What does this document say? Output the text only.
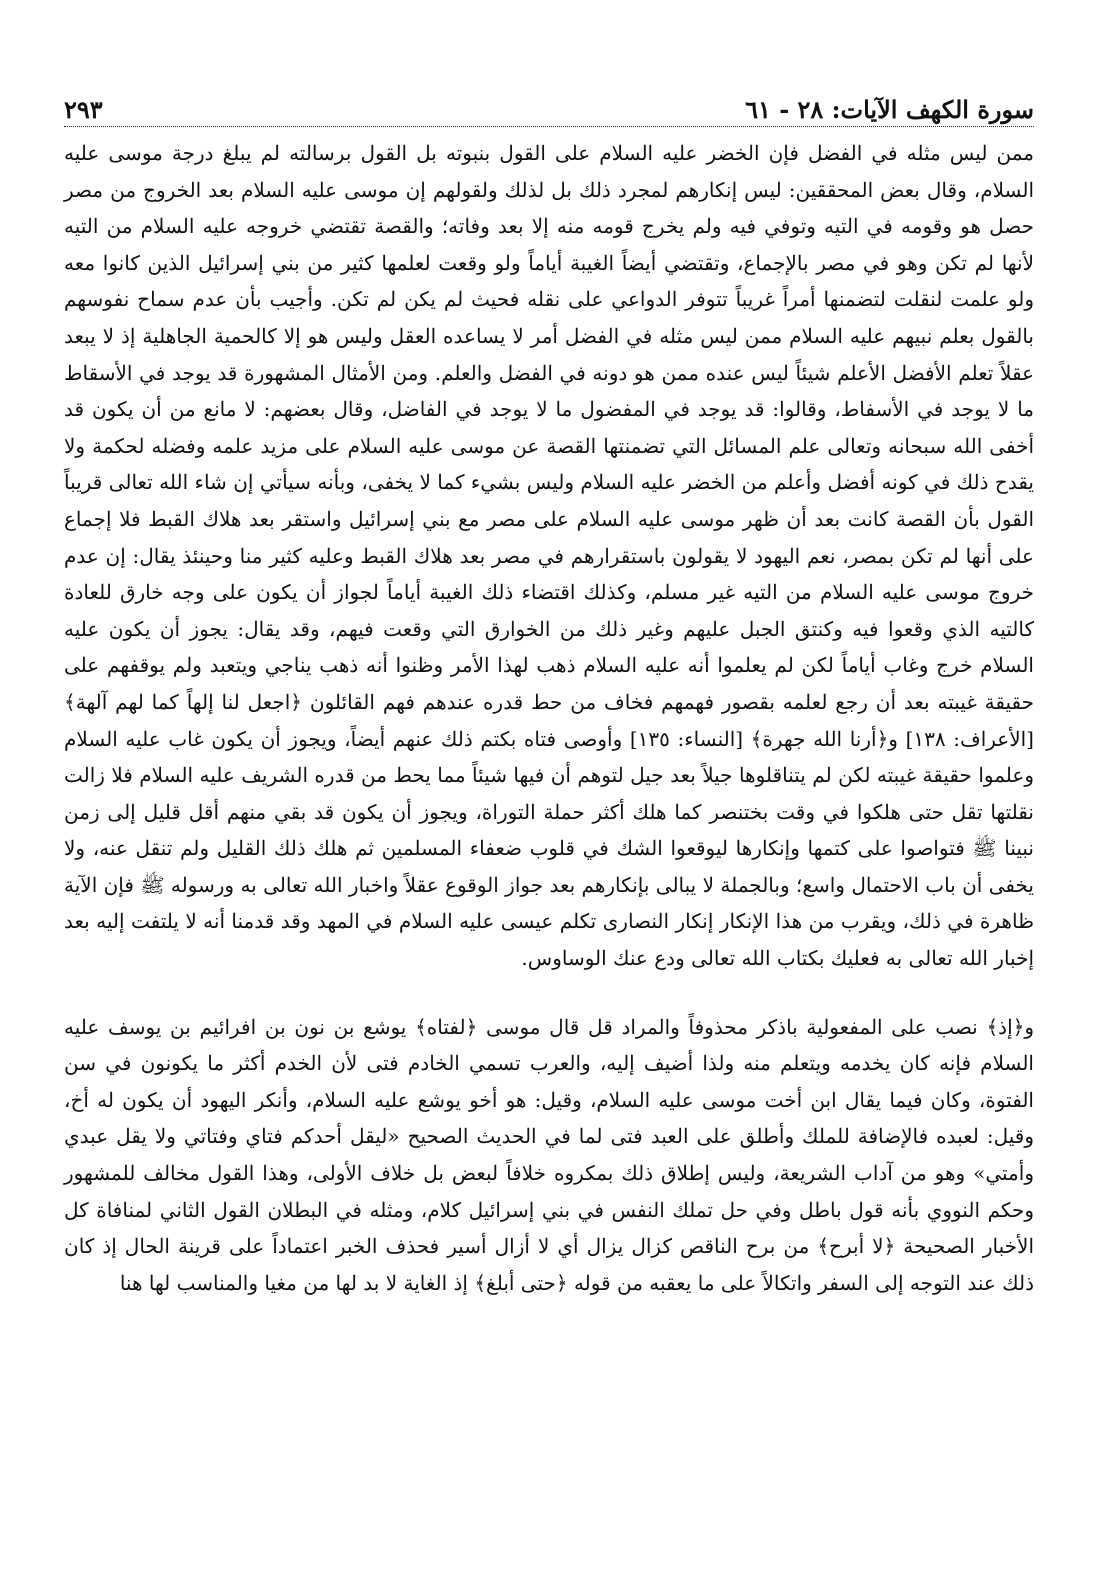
سورة الكهف الآيات: ٢٨ - ٦١
٢٩٣

ممن ليس مثله في الفضل فإن الخضر عليه السلام على القول بنبوته بل القول برسالته لم يبلغ درجة موسى عليه السلام، وقال بعض المحققين: ليس إنكارهم لمجرد ذلك بل لذلك ولقولهم إن موسى عليه السلام بعد الخروج من مصر حصل هو وقومه في التيه وتوفي فيه ولم يخرج قومه منه إلا بعد وفاته؛ والقصة تقتضي خروجه عليه السلام من التيه لأنها لم تكن وهو في مصر بالإجماع، وتقتضي أيضاً الغيبة أياماً ولو وقعت لعلمها كثير من بني إسرائيل الذين كانوا معه ولو علمت لنقلت لتضمنها أمراً غريباً تتوفر الدواعي على نقله فحيث لم يكن لم تكن. وأجيب بأن عدم سماح نفوسهم بالقول بعلم نبيهم عليه السلام ممن ليس مثله في الفضل أمر لا يساعده العقل وليس هو إلا كالحمية الجاهلية إذ لا يبعد عقلاً تعلم الأفضل الأعلم شيئاً ليس عنده ممن هو دونه في الفضل والعلم. ومن الأمثال المشهورة قد يوجد في الأسقاط ما لا يوجد في الأسفاط، وقالوا: قد يوجد في المفضول ما لا يوجد في الفاضل، وقال بعضهم: لا مانع من أن يكون قد أخفى الله سبحانه وتعالى علم المسائل التي تضمنتها القصة عن موسى عليه السلام على مزيد علمه وفضله لحكمة ولا يقدح ذلك في كونه أفضل وأعلم من الخضر عليه السلام وليس بشيء كما لا يخفى، وبأنه سيأتي إن شاء الله تعالى قريباً القول بأن القصة كانت بعد أن ظهر موسى عليه السلام على مصر مع بني إسرائيل واستقر بعد هلاك القبط فلا إجماع على أنها لم تكن بمصر، نعم اليهود لا يقولون باستقرارهم في مصر بعد هلاك القبط وعليه كثير منا وحينئذ يقال: إن عدم خروج موسى عليه السلام من التيه غير مسلم، وكذلك اقتضاء ذلك الغيبة أياماً لجواز أن يكون على وجه خارق للعادة كالتيه الذي وقعوا فيه وكنتق الجبل عليهم وغير ذلك من الخوارق التي وقعت فيهم، وقد يقال: يجوز أن يكون عليه السلام خرج وغاب أياماً لكن لم يعلموا أنه عليه السلام ذهب لهذا الأمر وظنوا أنه ذهب يناجي ويتعبد ولم يوقفهم على حقيقة غيبته بعد أن رجع لعلمه بقصور فهمهم فخاف من حط قدره عندهم فهم القائلون ﴿اجعل لنا إلهاً كما لهم آلهة﴾ [الأعراف: ١٣٨] و﴿أرنا الله جهرة﴾ [النساء: ١٣٥] وأوصى فتاه بكتم ذلك عنهم أيضاً، ويجوز أن يكون غاب عليه السلام وعلموا حقيقة غيبته لكن لم يتناقلوها جيلاً بعد جيل لتوهم أن فيها شيئاً مما يحط من قدره الشريف عليه السلام فلا زالت نقلتها تقل حتى هلكوا في وقت بختنصر كما هلك أكثر حملة التوراة، ويجوز أن يكون قد بقي منهم أقل قليل إلى زمن نبينا ﷺ فتواصوا على كتمها وإنكارها ليوقعوا الشك في قلوب ضعفاء المسلمين ثم هلك ذلك القليل ولم تنقل عنه، ولا يخفى أن باب الاحتمال واسع؛ وبالجملة لا يبالى بإنكارهم بعد جواز الوقوع عقلاً واخبار الله تعالى به ورسوله ﷺ فإن الآية ظاهرة في ذلك، ويقرب من هذا الإنكار إنكار النصارى تكلم عيسى عليه السلام في المهد وقد قدمنا أنه لا يلتفت إليه بعد إخبار الله تعالى به فعليك بكتاب الله تعالى ودع عنك الوساوس.

و﴿إذ﴾ نصب على المفعولية باذكر محذوفاً والمراد قل قال موسى ﴿لفتاه﴾ يوشع بن نون بن افرائيم بن يوسف عليه السلام فإنه كان يخدمه ويتعلم منه ولذا أضيف إليه، والعرب تسمي الخادم فتى لأن الخدم أكثر ما يكونون في سن الفتوة، وكان فيما يقال ابن أخت موسى عليه السلام، وقيل: هو أخو يوشع عليه السلام، وأنكر اليهود أن يكون له أخ، وقيل: لعبده فالإضافة للملك وأطلق على العبد فتى لما في الحديث الصحيح «ليقل أحدكم فتاي وفتاتي ولا يقل عبدي وأمتي» وهو من آداب الشريعة، وليس إطلاق ذلك بمكروه خلافاً لبعض بل خلاف الأولى، وهذا القول مخالف للمشهور وحكم النووي بأنه قول باطل وفي حل تملك النفس في بني إسرائيل كلام، ومثله في البطلان القول الثاني لمنافاة كل الأخبار الصحيحة ﴿لا أبرح﴾ من برح الناقص كزال يزال أي لا أزال أسير فحذف الخبر اعتماداً على قرينة الحال إذ كان ذلك عند التوجه إلى السفر واتكالاً على ما يعقبه من قوله ﴿حتى أبلغ﴾ إذ الغاية لا بد لها من مغيا والمناسب لها هنا
